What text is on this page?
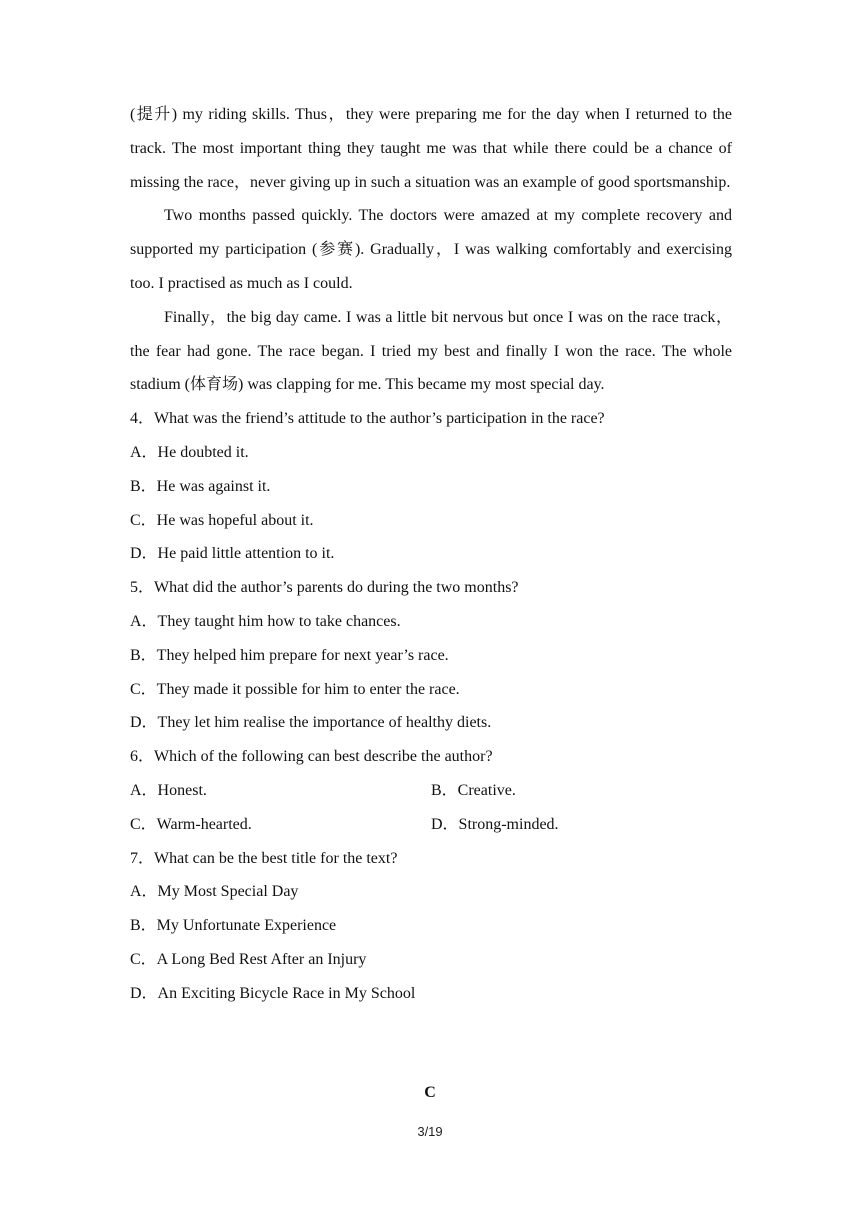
(提升) my riding skills. Thus，they were preparing me for the day when I returned to the track. The most important thing they taught me was that while there could be a chance of missing the race，never giving up in such a situation was an example of good sportsmanship.

Two months passed quickly. The doctors were amazed at my complete recovery and supported my participation (参赛). Gradually，I was walking comfortably and exercising too. I practised as much as I could.

Finally，the big day came. I was a little bit nervous but once I was on the race track，the fear had gone. The race began. I tried my best and finally I won the race. The whole stadium (体育场) was clapping for me. This became my most special day.

4．What was the friend’s attitude to the author’s participation in the race?

A．He doubted it.

B．He was against it.

C．He was hopeful about it.

D．He paid little attention to it.

5．What did the author’s parents do during the two months?

A．They taught him how to take chances.

B．They helped him prepare for next year’s race.

C．They made it possible for him to enter the race.

D．They let him realise the importance of healthy diets.

6．Which of the following can best describe the author?

A．Honest.	B．Creative.
C．Warm-hearted.	D．Strong-minded.

7．What can be the best title for the text?

A．My Most Special Day

B．My Unfortunate Experience

C．A Long Bed Rest After an Injury

D．An Exciting Bicycle Race in My School

C
3/19
